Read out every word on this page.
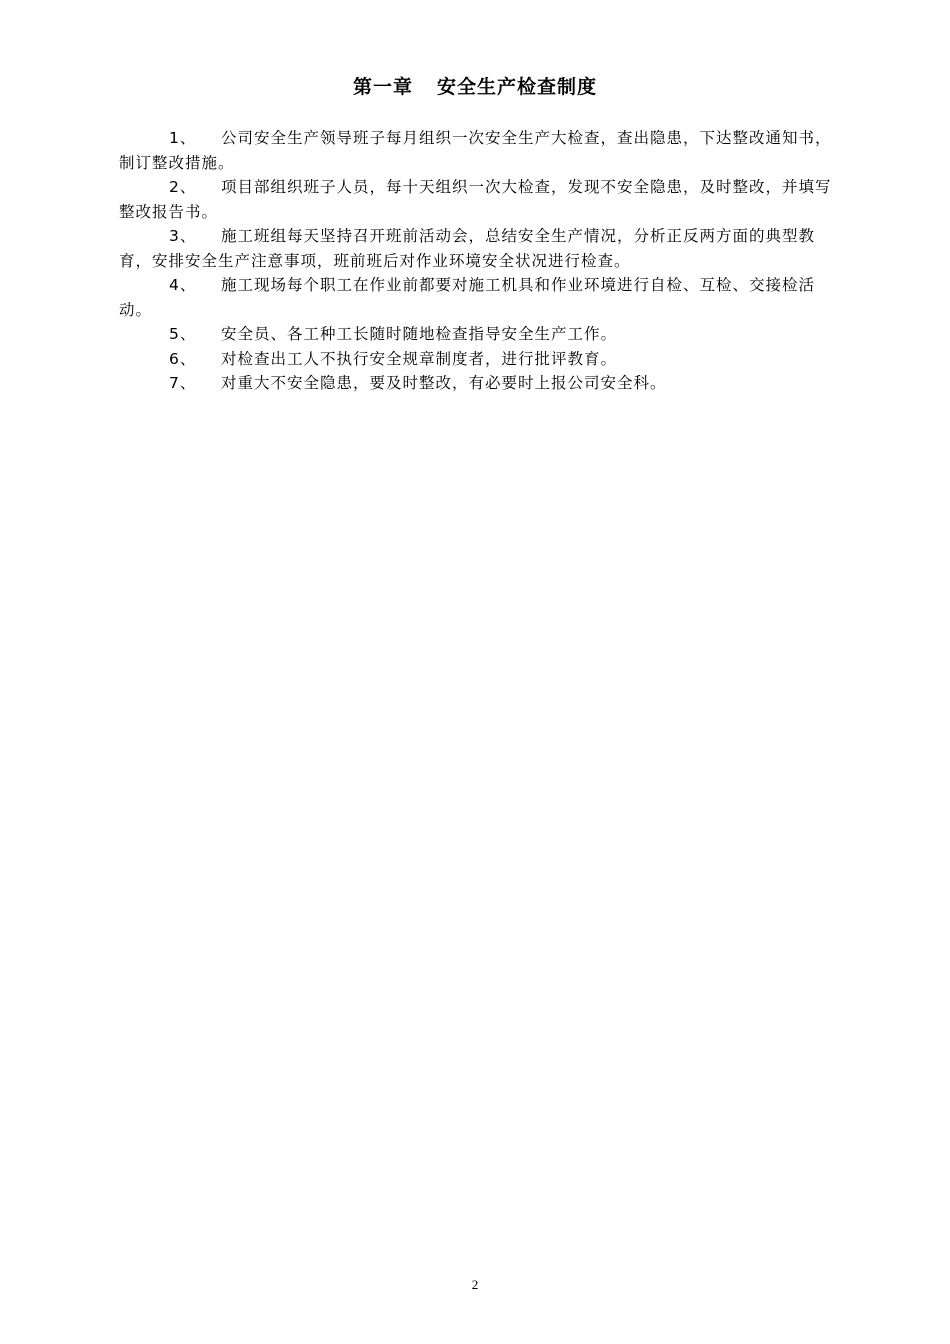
第一章 安全生产检查制度

1、 公司安全生产领导班子每月组织一次安全生产大检查，查出隐患，下达整改通知书，制订整改措施。

2、 项目部组织班子人员，每十天组织一次大检查，发现不安全隐患，及时整改，并填写整改报告书。

3、 施工班组每天坚持召开班前活动会，总结安全生产情况，分析正反两方面的典型教育，安排安全生产注意事项，班前班后对作业环境安全状况进行检查。

4、 施工现场每个职工在作业前都要对施工机具和作业环境进行自检、互检、交接检活动。

5、 安全员、各工种工长随时随地检查指导安全生产工作。

6、 对检查出工人不执行安全规章制度者，进行批评教育。

7、 对重大不安全隐患，要及时整改，有必要时上报公司安全科。

2
